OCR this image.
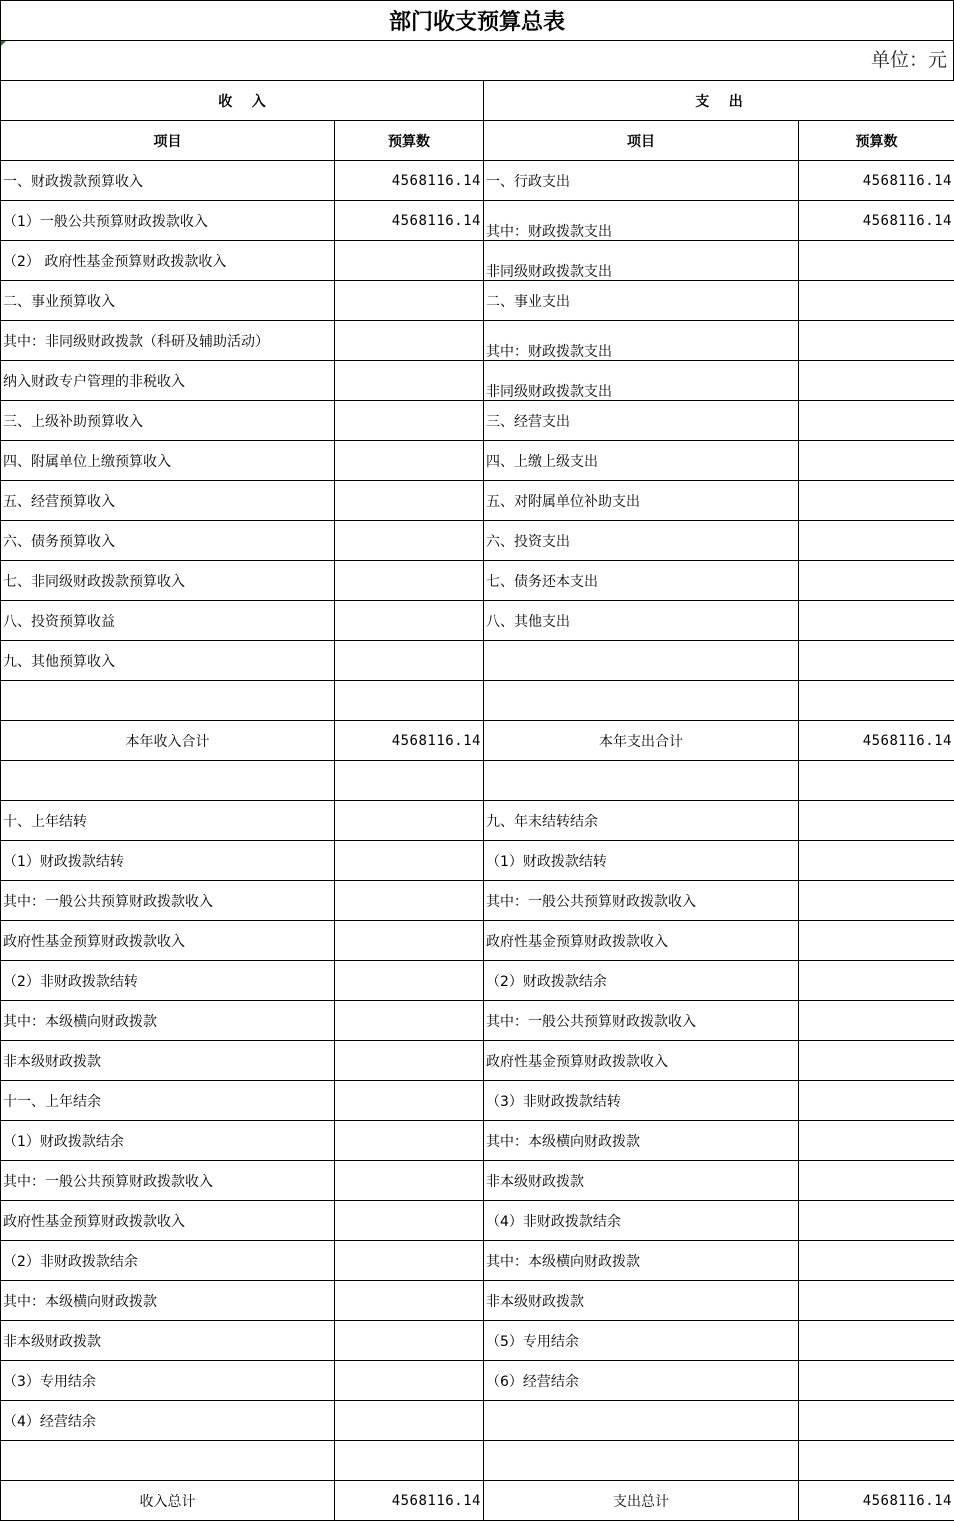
部门收支预算总表
单位：元
收    入		支    出	
项目	预算数	项目	预算数
一、财政拨款预算收入	4568116.14	一、行政支出	4568116.14
（1）一般公共预算财政拨款收入	4568116.14	其中：财政拨款支出	4568116.14
（2） 政府性基金预算财政拨款收入		非同级财政拨款支出	
二、事业预算收入		二、事业支出	
其中：非同级财政拨款（科研及辅助活动）		其中：财政拨款支出	
纳入财政专户管理的非税收入		非同级财政拨款支出	
三、上级补助预算收入		三、经营支出	
四、附属单位上缴预算收入		四、上缴上级支出	
五、经营预算收入		五、对附属单位补助支出	
六、债务预算收入		六、投资支出	
七、非同级财政拨款预算收入		七、债务还本支出	
八、投资预算收益		八、其他支出	
九、其他预算收入			

本年收入合计	4568116.14	本年支出合计	4568116.14

十、上年结转		九、年末结转结余	
（1）财政拨款结转		（1）财政拨款结转	
其中：一般公共预算财政拨款收入		其中：一般公共预算财政拨款收入	
政府性基金预算财政拨款收入		政府性基金预算财政拨款收入	
（2）非财政拨款结转		（2）财政拨款结余	
其中：本级横向财政拨款		其中：一般公共预算财政拨款收入	
非本级财政拨款		政府性基金预算财政拨款收入	
十一、上年结余		（3）非财政拨款结转	
（1）财政拨款结余		其中：本级横向财政拨款	
其中：一般公共预算财政拨款收入		非本级财政拨款	
政府性基金预算财政拨款收入		（4）非财政拨款结余	
（2）非财政拨款结余		其中：本级横向财政拨款	
其中：本级横向财政拨款		非本级财政拨款	
非本级财政拨款		（5）专用结余	
（3）专用结余		（6）经营结余	
（4）经营结余			

收入总计	4568116.14	支出总计	4568116.14
